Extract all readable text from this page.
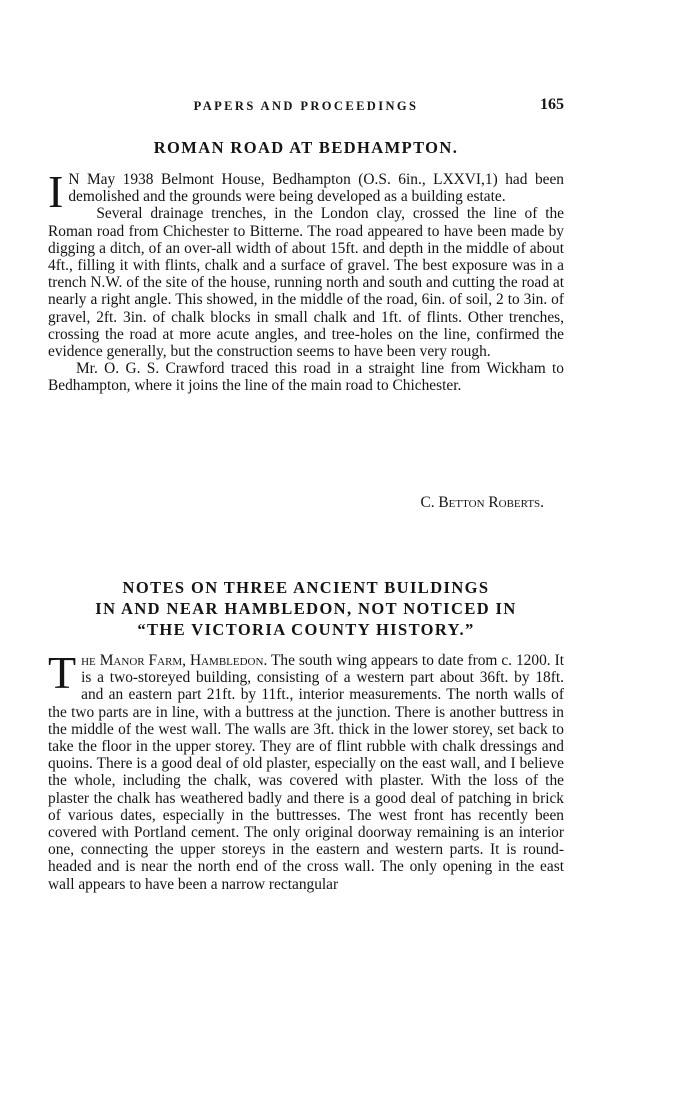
PAPERS AND PROCEEDINGS	165
ROMAN ROAD AT BEDHAMPTON.

I N May 1938 Belmont House, Bedhampton (O.S. 6in., LXXVI,1) had been demolished and the grounds were being developed as a building estate.

Several drainage trenches, in the London clay, crossed the line of the Roman road from Chichester to Bitterne. The road appeared to have been made by digging a ditch, of an over-all width of about 15ft. and depth in the middle of about 4ft., filling it with flints, chalk and a surface of gravel. The best exposure was in a trench N.W. of the site of the house, running north and south and cutting the road at nearly a right angle. This showed, in the middle of the road, 6in. of soil, 2 to 3in. of gravel, 2ft. 3in. of chalk blocks in small chalk and 1ft. of flints. Other trenches, crossing the road at more acute angles, and tree-holes on the line, confirmed the evidence generally, but the construction seems to have been very rough.

Mr. O. G. S. Crawford traced this road in a straight line from Wickham to Bedhampton, where it joins the line of the main road to Chichester.

C. Betton Roberts.
NOTES ON THREE ANCIENT BUILDINGS
IN AND NEAR HAMBLEDON, NOT NOTICED IN
“THE VICTORIA COUNTY HISTORY.”

The Manor Farm, Hambledon. The south wing appears to date from c. 1200. It is a two-storeyed building, consisting of a western part about 36ft. by 18ft. and an eastern part 21ft. by 11ft., interior measurements. The north walls of the two parts are in line, with a buttress at the junction. There is another buttress in the middle of the west wall. The walls are 3ft. thick in the lower storey, set back to take the floor in the upper storey. They are of flint rubble with chalk dressings and quoins. There is a good deal of old plaster, especially on the east wall, and I believe the whole, including the chalk, was covered with plaster. With the loss of the plaster the chalk has weathered badly and there is a good deal of patching in brick of various dates, especially in the buttresses. The west front has recently been covered with Portland cement. The only original doorway remaining is an interior one, connecting the upper storeys in the eastern and western parts. It is round-headed and is near the north end of the cross wall. The only opening in the east wall appears to have been a narrow rectangular
